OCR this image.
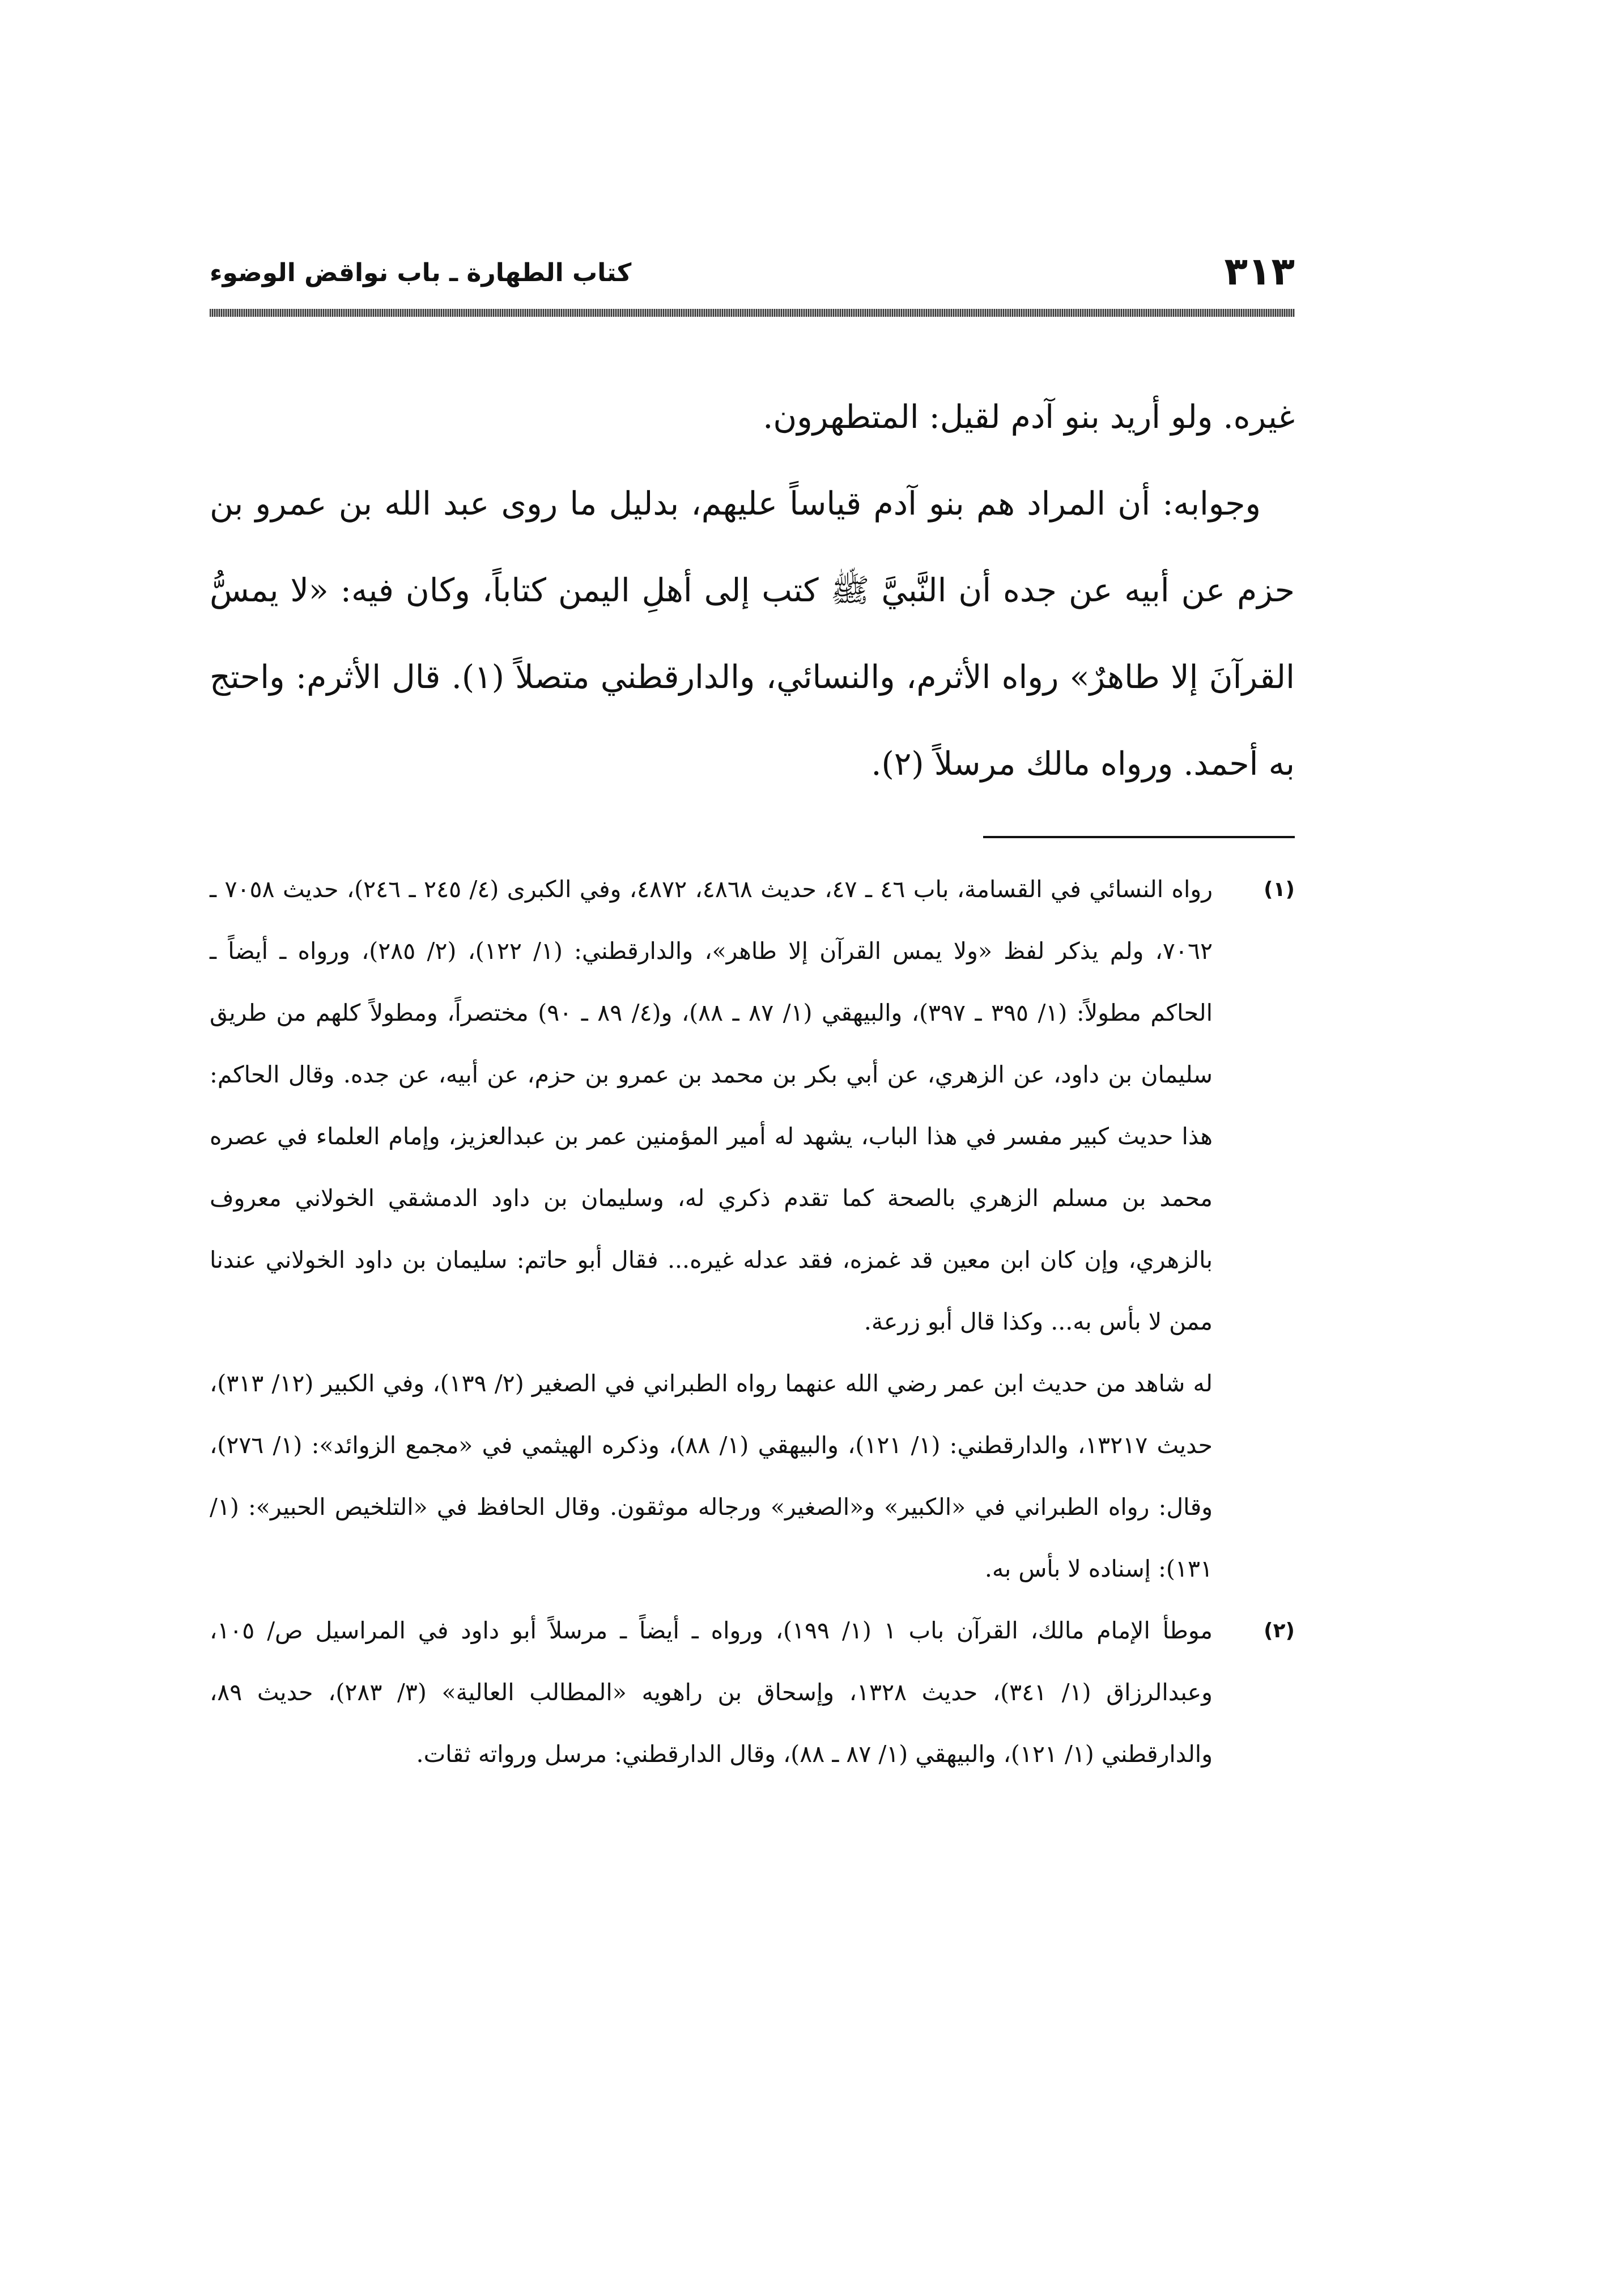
٣١٣
كتاب الطهارة ـ باب نواقض الوضوء

غيره. ولو أريد بنو آدم لقيل: المتطهرون.

وجوابه: أن المراد هم بنو آدم قياساً عليهم، بدليل ما روى عبد الله بن عمرو بن حزم عن أبيه عن جده أن النَّبيَّ ﷺ كتب إلى أهلِ اليمن كتاباً، وكان فيه: «لا يمسُّ القرآنَ إلا طاهرٌ» رواه الأثرم، والنسائي، والدارقطني متصلاً (١). قال الأثرم: واحتج به أحمد. ورواه مالك مرسلاً (٢).

(١)

رواه النسائي في القسامة، باب ٤٦ ـ ٤٧، حديث ٤٨٦٨، ٤٨٧٢، وفي الكبرى (٤/ ٢٤٥ ـ ٢٤٦)، حديث ٧٠٥٨ ـ ٧٠٦٢، ولم يذكر لفظ «ولا يمس القرآن إلا طاهر»، والدارقطني: (١/ ١٢٢)، (٢/ ٢٨٥)، ورواه ـ أيضاً ـ الحاكم مطولاً: (١/ ٣٩٥ ـ ٣٩٧)، والبيهقي (١/ ٨٧ ـ ٨٨)، و(٤/ ٨٩ ـ ٩٠) مختصراً، ومطولاً كلهم من طريق سليمان بن داود، عن الزهري، عن أبي بكر بن محمد بن عمرو بن حزم، عن أبيه، عن جده. وقال الحاكم: هذا حديث كبير مفسر في هذا الباب، يشهد له أمير المؤمنين عمر بن عبدالعزيز، وإمام العلماء في عصره محمد بن مسلم الزهري بالصحة كما تقدم ذكري له، وسليمان بن داود الدمشقي الخولاني معروف بالزهري، وإن كان ابن معين قد غمزه، فقد عدله غيره... فقال أبو حاتم: سليمان بن داود الخولاني عندنا ممن لا بأس به... وكذا قال أبو زرعة.

له شاهد من حديث ابن عمر رضي الله عنهما رواه الطبراني في الصغير (٢/ ١٣٩)، وفي الكبير (١٢/ ٣١٣)، حديث ١٣٢١٧، والدارقطني: (١/ ١٢١)، والبيهقي (١/ ٨٨)، وذكره الهيثمي في «مجمع الزوائد»: (١/ ٢٧٦)، وقال: رواه الطبراني في «الكبير» و«الصغير» ورجاله موثقون. وقال الحافظ في «التلخيص الحبير»: (١/ ١٣١): إسناده لا بأس به.

(٢)

موطأ الإمام مالك، القرآن باب ١ (١/ ١٩٩)، ورواه ـ أيضاً ـ مرسلاً أبو داود في المراسيل ص/ ١٠٥، وعبدالرزاق (١/ ٣٤١)، حديث ١٣٢٨، وإسحاق بن راهويه «المطالب العالية» (٣/ ٢٨٣)، حديث ٨٩، والدارقطني (١/ ١٢١)، والبيهقي (١/ ٨٧ ـ ٨٨)، وقال الدارقطني: مرسل ورواته ثقات.
